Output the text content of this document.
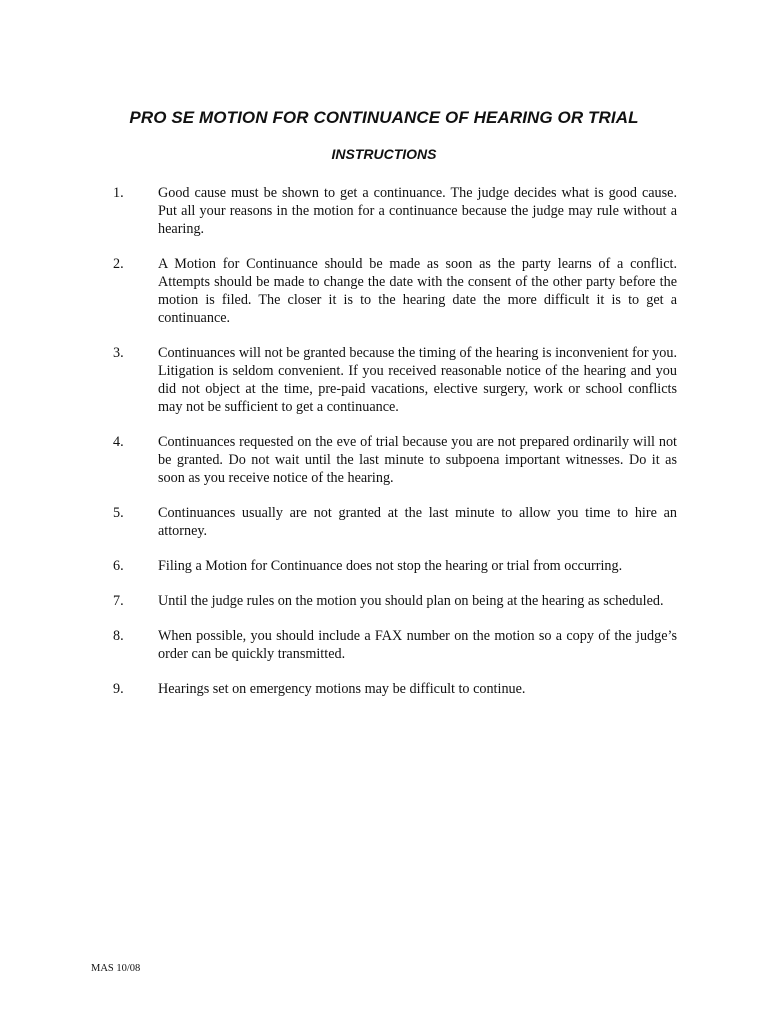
PRO SE MOTION FOR CONTINUANCE OF HEARING OR TRIAL
INSTRUCTIONS
1.	Good cause must be shown to get a continuance. The judge decides what is good cause. Put all your reasons in the motion for a continuance because the judge may rule without a hearing.
2.	A Motion for Continuance should be made as soon as the party learns of a conflict. Attempts should be made to change the date with the consent of the other party before the motion is filed. The closer it is to the hearing date the more difficult it is to get a continuance.
3.	Continuances will not be granted because the timing of the hearing is inconvenient for you. Litigation is seldom convenient. If you received reasonable notice of the hearing and you did not object at the time, pre-paid vacations, elective surgery, work or school conflicts may not be sufficient to get a continuance.
4.	Continuances requested on the eve of trial because you are not prepared ordinarily will not be granted. Do not wait until the last minute to subpoena important witnesses. Do it as soon as you receive notice of the hearing.
5.	Continuances usually are not granted at the last minute to allow you time to hire an attorney.
6.	Filing a Motion for Continuance does not stop the hearing or trial from occurring.
7.	Until the judge rules on the motion you should plan on being at the hearing as scheduled.
8.	When possible, you should include a FAX number on the motion so a copy of the judge’s order can be quickly transmitted.
9.	Hearings set on emergency motions may be difficult to continue.

MAS 10/08
